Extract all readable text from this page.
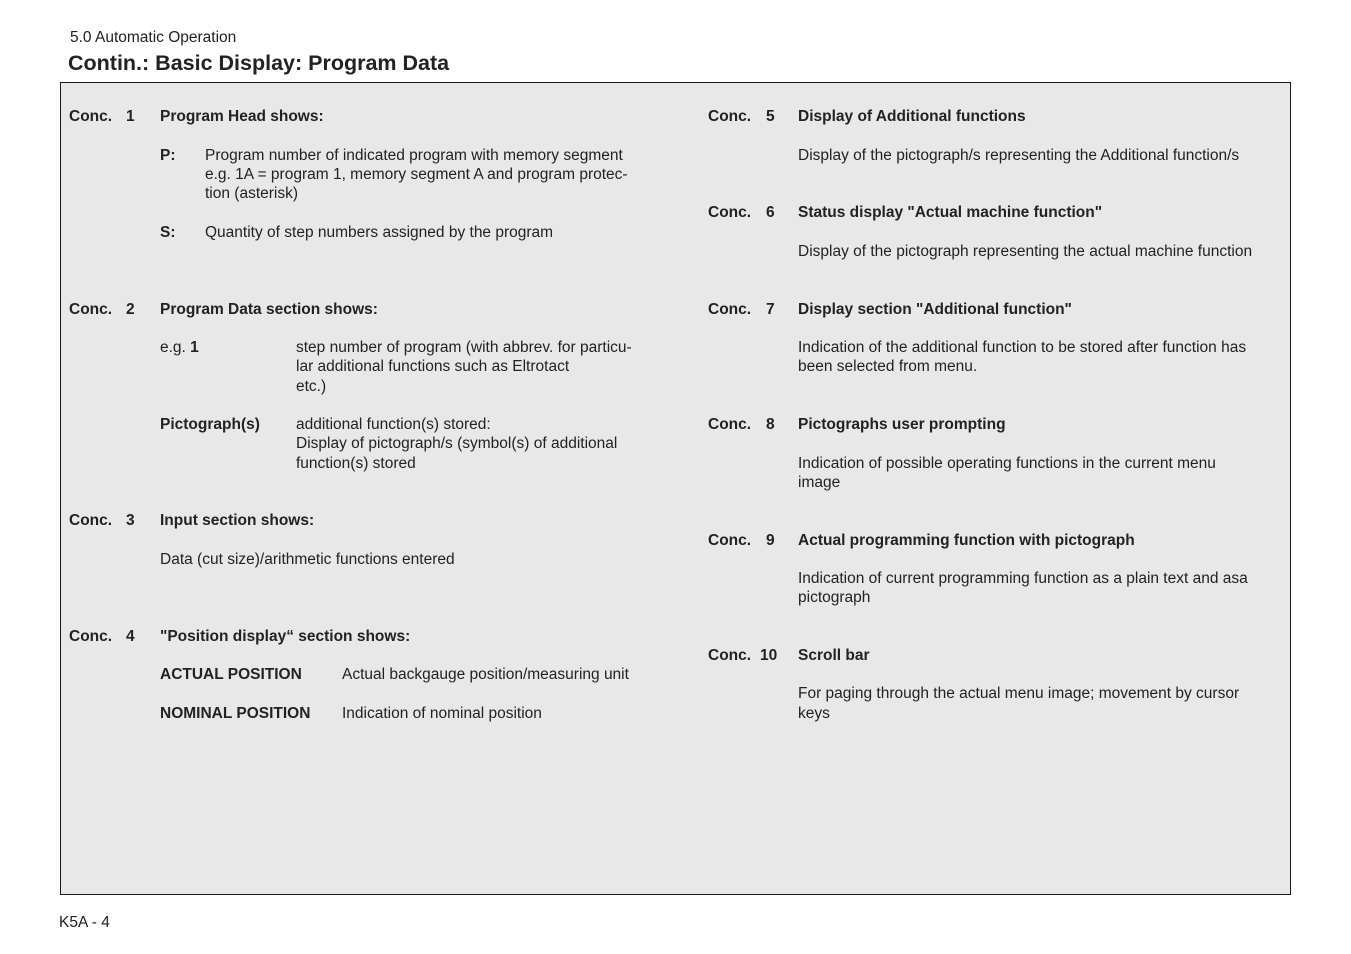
5.0 Automatic Operation
Contin.: Basic Display: Program Data
Conc. 1 Program Head shows:
P: Program number of indicated program with memory segment
e.g. 1A = program 1, memory segment A and program protec-
tion (asterisk)
S: Quantity of step numbers assigned by the program
Conc. 2 Program Data section shows:
e.g. 1	step number of program (with abbrev. for particu-
lar additional functions such as Eltrotact
etc.)
Pictograph(s) additional function(s) stored:
Display of pictograph/s (symbol(s) of additional
function(s) stored
Conc. 3 Input section shows:
Data (cut size)/arithmetic functions entered
Conc. 4 "Position display“ section shows:
ACTUAL POSITION	Actual backgauge position/measuring unit
NOMINAL POSITION Indication of nominal position
Conc. 5 Display of Additional functions
Display of the pictograph/s representing the Additional function/s
Conc. 6 Status display "Actual machine function"
Display of the pictograph representing the actual machine function
Conc. 7 Display section "Additional function"
Indication of the additional function to be stored after function has
been selected from menu.
Conc. 8 Pictographs user prompting
Indication of possible operating functions in the current menu
image
Conc. 9 Actual programming function with pictograph
Indication of current programming function as a plain text and asa
pictograph
Conc. 10 Scroll bar
For paging through the actual menu image; movement by cursor
keys
K5A - 4
